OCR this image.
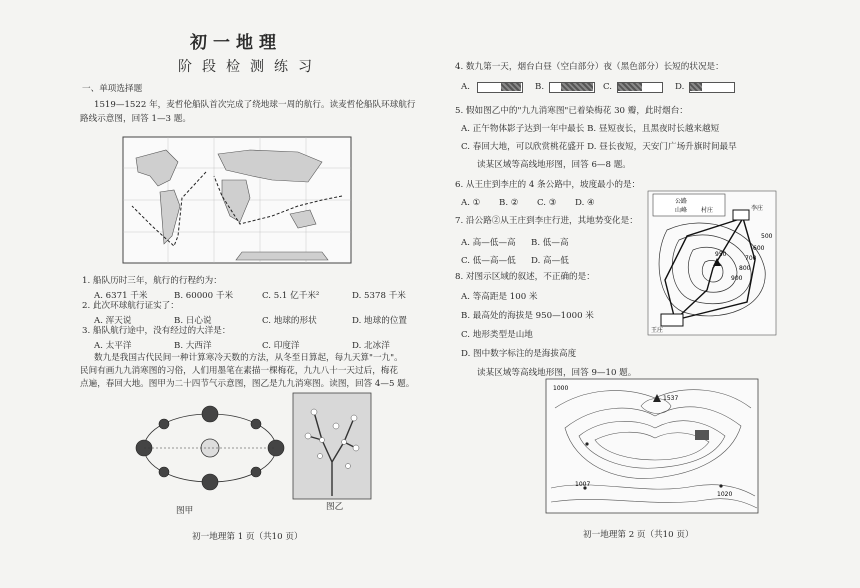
初一地理
阶段检测练习
一、单项选择题
1519—1522 年，麦哲伦船队首次完成了绕地球一周的航行。读麦哲伦船队环球航行
路线示意图，回答 1—3 题。
1. 船队历时三年，航行的行程约为：
A. 6371 千米	B. 60000 千米	C. 5.1 亿千米²	D. 5378 千米
2. 此次环球航行证实了：
A. 浑天说	B. 日心说	C. 地球的形状	D. 地球的位置
3. 船队航行途中，没有经过的大洋是：
A. 太平洋	B. 大西洋	C. 印度洋	D. 北冰洋
数九是我国古代民间一种计算寒冷天数的方法，从冬至日算起，每九天算"一九"。
民间有画九九消寒图的习俗，人们用墨笔在素描一棵梅花，九九八十一天过后，梅花
点遍，春回大地。图甲为二十四节气示意图，图乙是九九消寒图。读图，回答 4—5 题。
图甲	图乙
初一地理第 1 页（共10 页）
4. 数九第一天，烟台白昼（空白部分）夜（黑色部分）长短的状况是：
A.	B.	C.	D.
5. 假如图乙中的"九九消寒图"已着染梅花 30 瓣，此时烟台：
A. 正午物体影子达到一年中最长 B. 昼短夜长，且黑夜时长越来越短
C. 春回大地，可以欣赏桃花盛开 D. 昼长夜短，天安门广场升旗时间最早
读某区域等高线地形图，回答 6—8 题。
6. 从王庄到李庄的 4 条公路中，坡度最小的是：
A. ①	B. ②	C. ③	D. ④
7. 沿公路②从王庄到李庄行进，其地势变化是：
A. 高—低—高	B. 低—高
C. 低—高—低	D. 高—低
8. 对图示区域的叙述，不正确的是：
A. 等高距是 100 米
B. 最高处的海拔是 950—1000 米
C. 地形类型是山地
D. 图中数字标注的是海拔高度
读某区域等高线地形图，回答 9—10 题。
公路
山峰 村庄	李庄
王庄
500
600
700
800
900
950
1000
1537
1007
1020
初一地理第 2 页（共10 页）
